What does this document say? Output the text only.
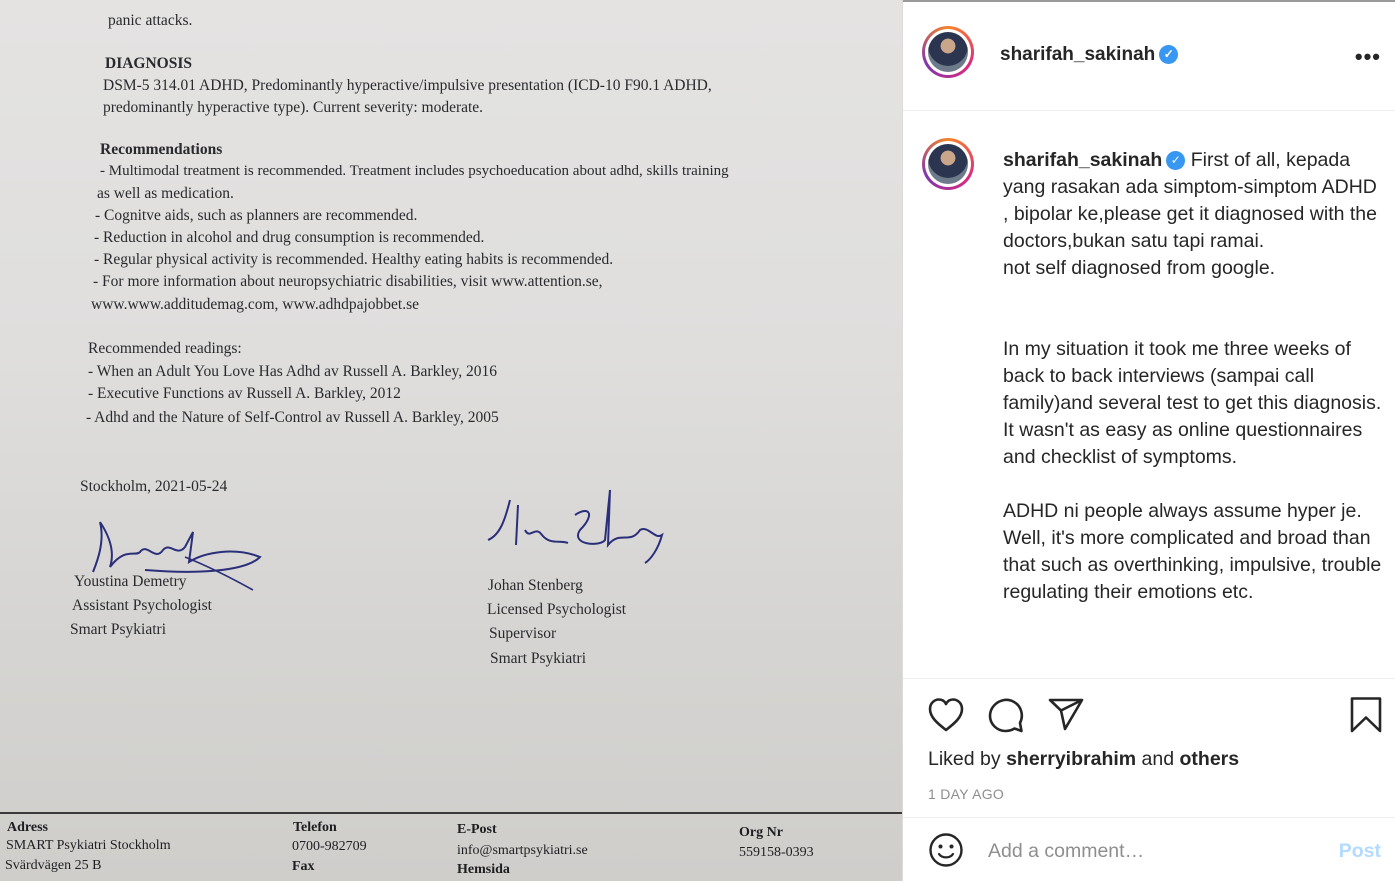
panic attacks.
DIAGNOSIS
DSM-5 314.01 ADHD, Predominantly hyperactive/impulsive presentation (ICD-10 F90.1 ADHD,
predominantly hyperactive type). Current severity: moderate.
Recommendations
- Multimodal treatment is recommended. Treatment includes psychoeducation about adhd, skills training
as well as medication.
- Cognitve aids, such as planners are recommended.
- Reduction in alcohol and drug consumption is recommended.
- Regular physical activity is recommended. Healthy eating habits is recommended.
- For more information about neuropsychiatric disabilities, visit www.attention.se,
www.www.additudemag.com, www.adhdpajobbet.se
Recommended readings:
- When an Adult You Love Has Adhd av Russell A. Barkley, 2016
- Executive Functions av Russell A. Barkley, 2012
- Adhd and the Nature of Self-Control av Russell A. Barkley, 2005
Stockholm, 2021-05-24
Youstina Demetry
Assistant Psychologist
Smart Psykiatri
Johan Stenberg
Licensed Psychologist
Supervisor
Smart Psykiatri
Adress
SMART Psykiatri Stockholm
Svärdvägen 25 B
Telefon
0700-982709
Fax
E-Post
info@smartpsykiatri.se
Hemsida
Org Nr
559158-0393
sharifah_sakinah ✓	•••

sharifah_sakinah ✓ First of all, kepada yang rasakan ada simptom-simptom ADHD , bipolar ke,please get it diagnosed with the doctors,bukan satu tapi ramai.

not self diagnosed from google.

In my situation it took me three weeks of back to back interviews (sampai call family)and several test to get this diagnosis. It wasn't as easy as online questionnaires and checklist of symptoms.

ADHD ni people always assume hyper je. Well, it's more complicated and broad than that such as overthinking, impulsive, trouble regulating their emotions etc.

Liked by sherryibrahim and others
1 DAY AGO
Add a comment…	Post
